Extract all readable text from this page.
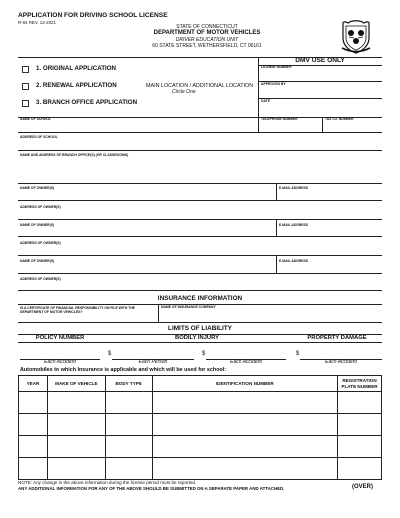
APPLICATION FOR DRIVING SCHOOL LICENSE
R-94 REV. 12-2021
STATE OF CONNECTICUT
DEPARTMENT OF MOTOR VEHICLES
DRIVER EDUCATION UNIT
60 STATE STREET, WETHERSFIELD, CT 06161
1. ORIGINAL APPLICATION
2. RENEWAL APPLICATION	MAIN LOCATION / ADDITIONAL LOCATION
Circle One
3. BRANCH OFFICE APPLICATION
DMV USE ONLY
LICENSE NUMBER
APPROVED BY
DATE
NAME OF SCHOOL	TELEPHONE NUMBER	TAX I.D. NUMBER
ADDRESS OF SCHOOL
NAME AND ADDRESS OF BRANCH OFFICE(S) (OR CLASSROOMS)
NAME OF OWNER(S)	E-MAIL ADDRESS
ADDRESS OF OWNER(S)
NAME OF OWNER(S)	E-MAIL ADDRESS
ADDRESS OF OWNER(S)
NAME OF OWNER(S)	E-MAIL ADDRESS
ADDRESS OF OWNER(S)
INSURANCE INFORMATION
IS A CERTIFICATE OF FINANCIAL RESPONSIBILITY ON FILE WITH THE DEPARTMENT OF MOTOR VEHICLES?
NAME OF INSURANCE COMPANY
LIMITS OF LIABILITY
POLICY NUMBER	BODILY INJURY	PROPERTY DAMAGE
Each Accident
$
Each Person
$
Each Accident
$
Each Accident
Automobiles to which Insurance is applicable and which will be used for school:
YEAR	MAKE OF VEHICLE	BODY TYPE	IDENTIFICATION NUMBER	REGISTRATION PLATE NUMBER

NOTE: Any change in the above information during the license period must be reported.
ANY ADDITIONAL INFORMATION FOR ANY OF THE ABOVE SHOULD BE SUBMITTED ON A SEPARATE PAPER AND ATTACHED.	(OVER)
